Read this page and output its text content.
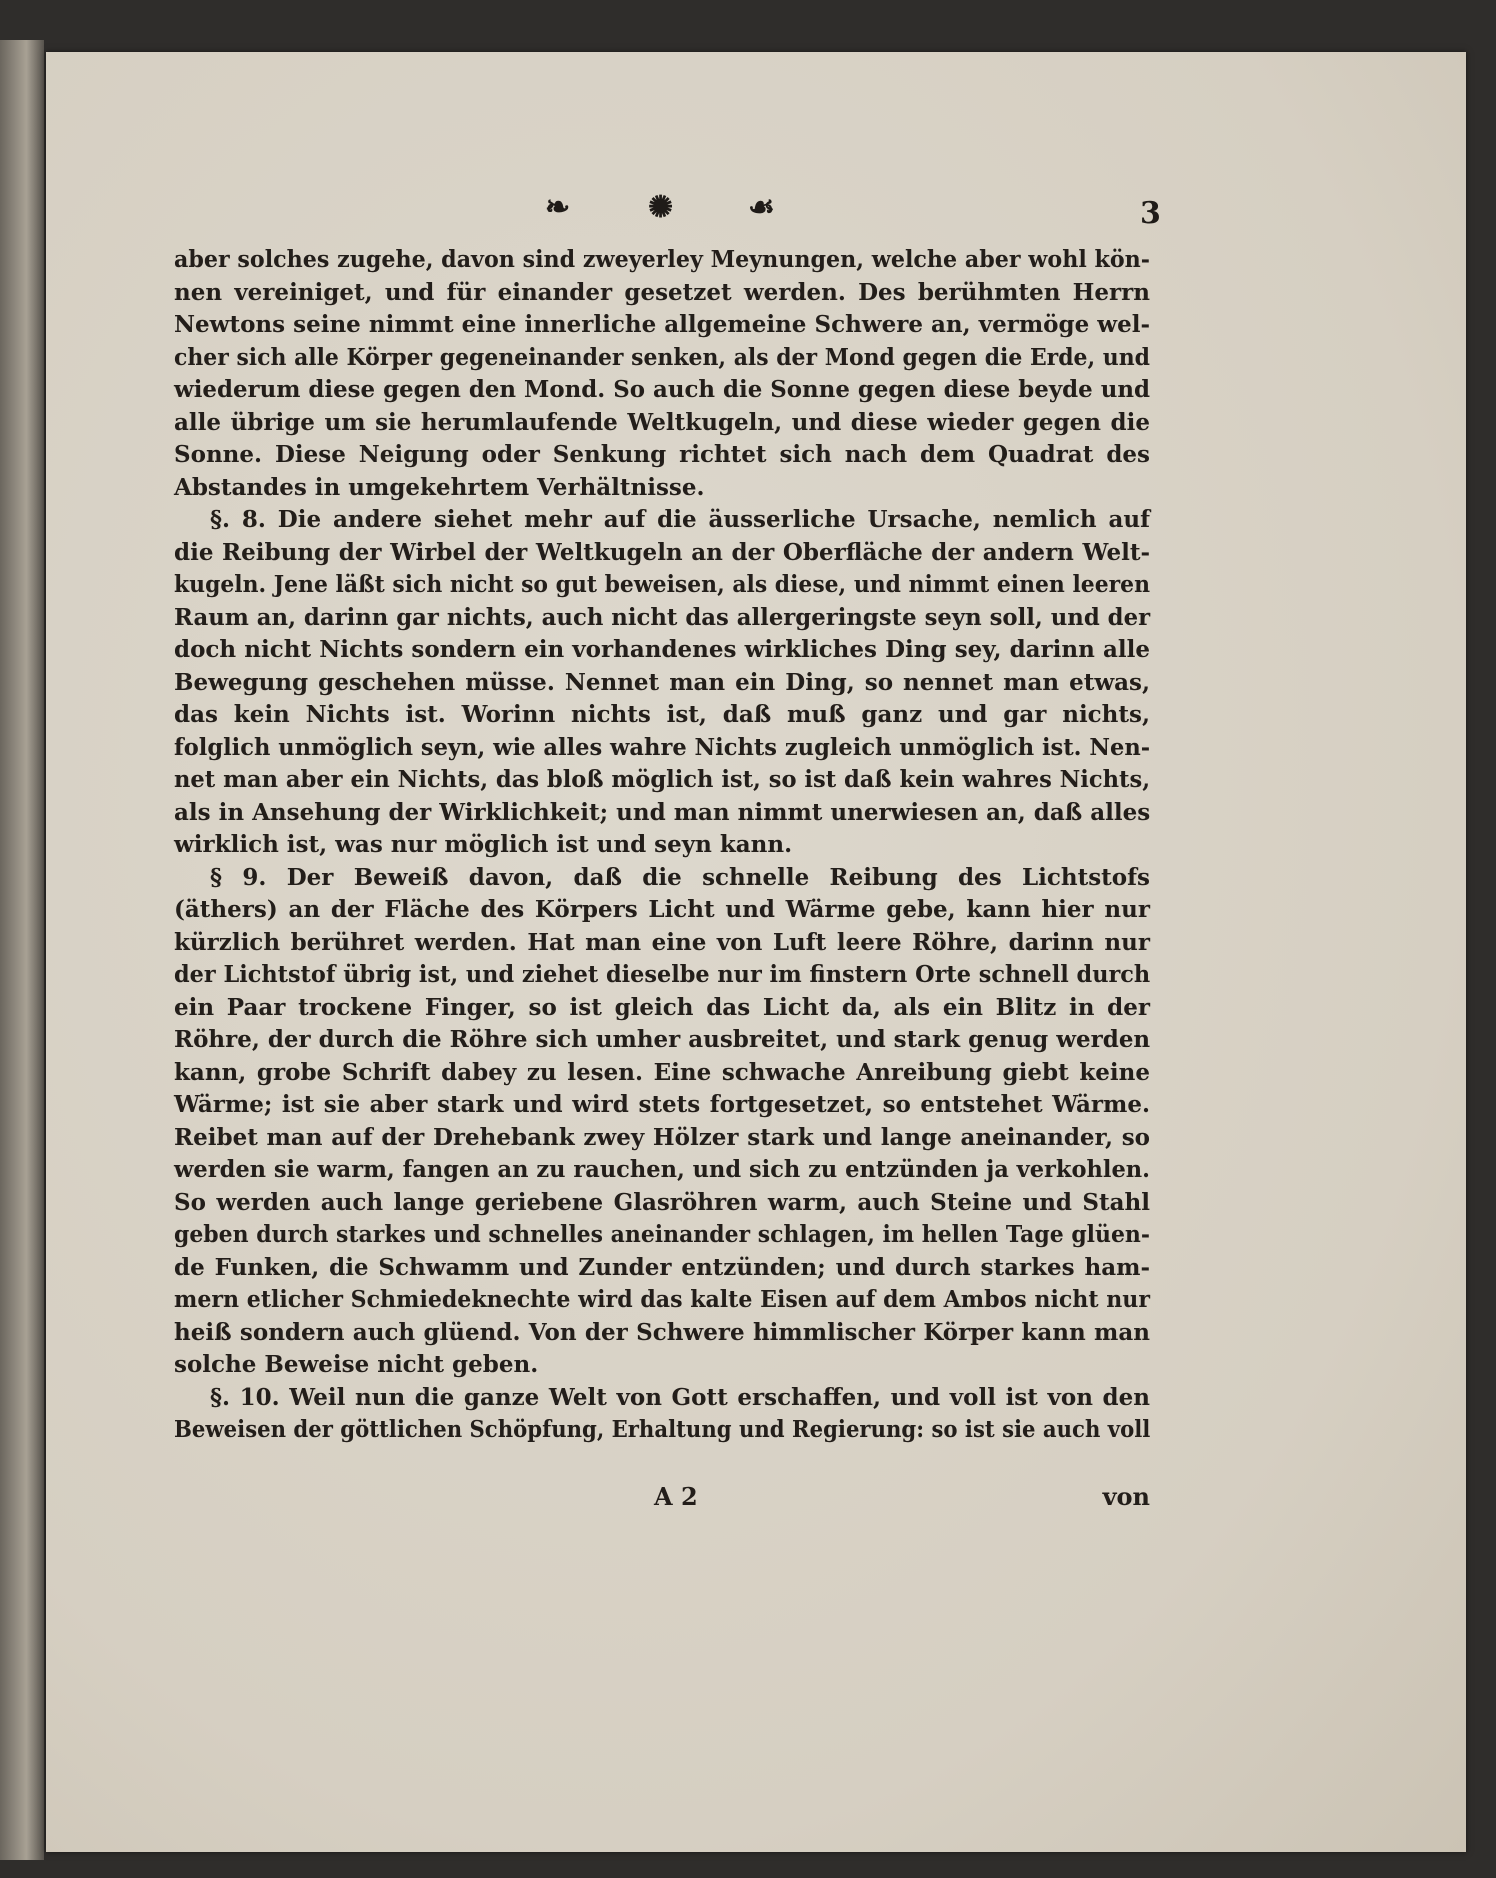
❧	✺ ☙	3
aber solches zugehe, davon sind zweyerley Meynungen, welche aber wohl kön-
nen vereiniget, und für einander gesetzet werden. Des berühmten Herrn
Newtons seine nimmt eine innerliche allgemeine Schwere an, vermöge wel-
cher sich alle Körper gegeneinander senken, als der Mond gegen die Erde, und
wiederum diese gegen den Mond. So auch die Sonne gegen diese beyde und
alle übrige um sie herumlaufende Weltkugeln, und diese wieder gegen die
Sonne. Diese Neigung oder Senkung richtet sich nach dem Quadrat des
Abstandes in umgekehrtem Verhältnisse.
§. 8. Die andere siehet mehr auf die äusserliche Ursache, nemlich auf
die Reibung der Wirbel der Weltkugeln an der Oberfläche der andern Welt-
kugeln. Jene läßt sich nicht so gut beweisen, als diese, und nimmt einen leeren
Raum an, darinn gar nichts, auch nicht das allergeringste seyn soll, und der
doch nicht Nichts sondern ein vorhandenes wirkliches Ding sey, darinn alle
Bewegung geschehen müsse. Nennet man ein Ding, so nennet man etwas,
das kein Nichts ist. Worinn nichts ist, daß muß ganz und gar nichts,
folglich unmöglich seyn, wie alles wahre Nichts zugleich unmöglich ist. Nen-
net man aber ein Nichts, das bloß möglich ist, so ist daß kein wahres Nichts,
als in Ansehung der Wirklichkeit; und man nimmt unerwiesen an, daß alles
wirklich ist, was nur möglich ist und seyn kann.
§ 9. Der Beweiß davon, daß die schnelle Reibung des Lichtstofs
(äthers) an der Fläche des Körpers Licht und Wärme gebe, kann hier nur
kürzlich berühret werden. Hat man eine von Luft leere Röhre, darinn nur
der Lichtstof übrig ist, und ziehet dieselbe nur im finstern Orte schnell durch
ein Paar trockene Finger, so ist gleich das Licht da, als ein Blitz in der
Röhre, der durch die Röhre sich umher ausbreitet, und stark genug werden
kann, grobe Schrift dabey zu lesen. Eine schwache Anreibung giebt keine
Wärme; ist sie aber stark und wird stets fortgesetzet, so entstehet Wärme.
Reibet man auf der Drehebank zwey Hölzer stark und lange aneinander, so
werden sie warm, fangen an zu rauchen, und sich zu entzünden ja verkohlen.
So werden auch lange geriebene Glasröhren warm, auch Steine und Stahl
geben durch starkes und schnelles aneinander schlagen, im hellen Tage glüen-
de Funken, die Schwamm und Zunder entzünden; und durch starkes ham-
mern etlicher Schmiedeknechte wird das kalte Eisen auf dem Ambos nicht nur
heiß sondern auch glüend. Von der Schwere himmlischer Körper kann man
solche Beweise nicht geben.
§. 10. Weil nun die ganze Welt von Gott erschaffen, und voll ist von den
Beweisen der göttlichen Schöpfung, Erhaltung und Regierung: so ist sie auch voll
A 2	von
